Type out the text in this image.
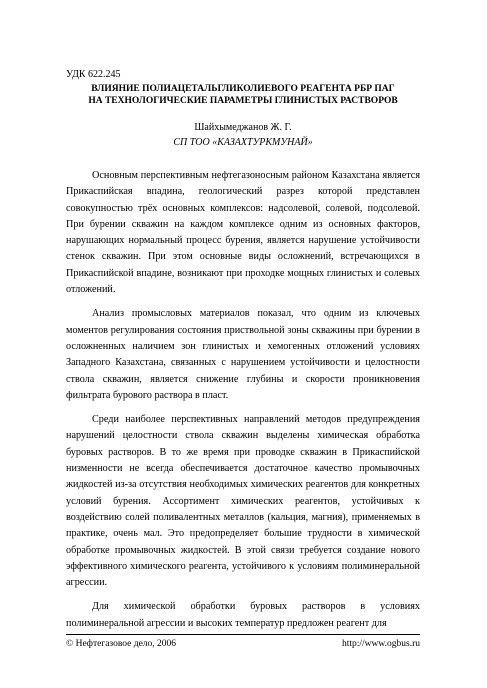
УДК 622.245
ВЛИЯНИЕ ПОЛИАЦЕТАЛЬГЛИКОЛИЕВОГО РЕАГЕНТА РБР ПАГ
НА ТЕХНОЛОГИЧЕСКИЕ ПАРАМЕТРЫ ГЛИНИСТЫХ РАСТВОРОВ
Шайхымеджанов Ж. Г.
СП ТОО «КАЗАХТУРКМУНАЙ»

Основным перспективным нефтегазоносным районом Казахстана является Прикаспийская впадина, геологический разрез которой представлен совокупностью трёх основных комплексов: надсолевой, солевой, подсолевой. При бурении скважин на каждом комплексе одним из основных факторов, нарушающих нормальный процесс бурения, является нарушение устойчивости стенок скважин. При этом основные виды осложнений, встречающихся в Прикаспийской впадине, возникают при проходке мощных глинистых и солевых отложений.

Анализ промысловых материалов показал, что одним из ключевых моментов регулирования состояния приствольной зоны скважины при бурении в осложненных наличием зон глинистых и хемогенных отложений условиях Западного Казахстана, связанных с нарушением устойчивости и целостности ствола скважин, является снижение глубины и скорости проникновения фильтрата бурового раствора в пласт.

Среди наиболее перспективных направлений методов предупреждения нарушений целостности ствола скважин выделены химическая обработка буровых растворов. В то же время при проводке скважин в Прикаспийской низменности не всегда обеспечивается достаточное качество промывочных жидкостей из-за отсутствия необходимых химических реагентов для конкретных условий бурения. Ассортимент химических реагентов, устойчивых к воздействию солей поливалентных металлов (кальция, магния), применяемых в практике, очень мал. Это предопределяет большие трудности в химической обработке промывочных жидкостей. В этой связи требуется создание нового эффективного химического реагента, устойчивого к условиям полиминеральной агрессии.

Для химической обработки буровых растворов в условиях полиминеральной агрессии и высоких температур предложен реагент для

© Нефтегазовое дело, 2006	http://www.ogbus.ru
